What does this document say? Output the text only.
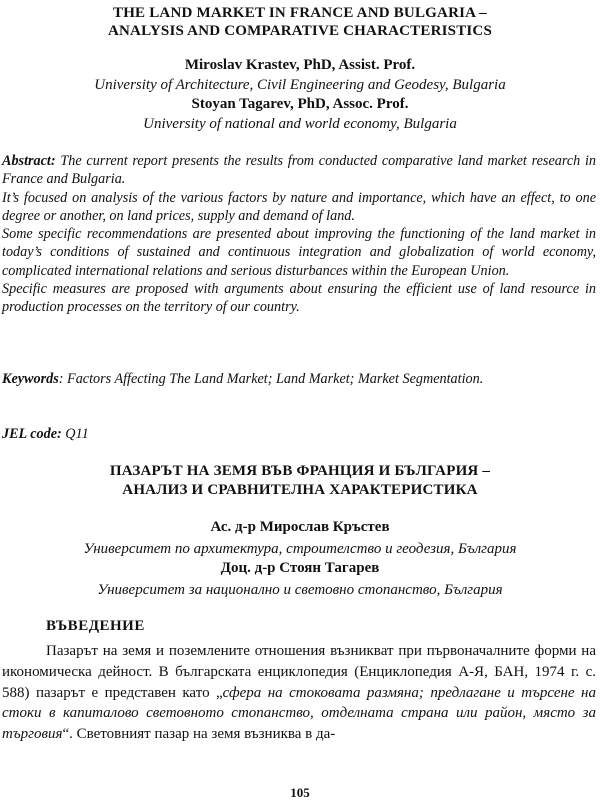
THE LAND MARKET IN FRANCE AND BULGARIA –
ANALYSIS AND COMPARATIVE CHARACTERISTICS
Miroslav Krastev, PhD, Assist. Prof.
University of Architecture, Civil Engineering and Geodesy, Bulgaria
Stoyan Tagarev, PhD, Assoc. Prof.
University of national and world economy, Bulgaria

Abstract: The current report presents the results from conducted comparative land market research in France and Bulgaria.

It’s focused on analysis of the various factors by nature and importance, which have an effect, to one degree or another, on land prices, supply and demand of land.

Some specific recommendations are presented about improving the functioning of the land market in today’s conditions of sustained and continuous integration and globalization of world economy, complicated international relations and serious disturbances within the European Union.

Specific measures are proposed with arguments about ensuring the efficient use of land resource in production processes on the territory of our country.

Keywords: Factors Affecting The Land Market; Land Market; Market Segmentation.

JEL code: Q11

ПАЗАРЪТ НА ЗЕМЯ ВЪВ ФРАНЦИЯ И БЪЛГАРИЯ –
АНАЛИЗ И СРАВНИТЕЛНА ХАРАКТЕРИСТИКА
Ас. д-р Мирослав Кръстев
Университет по архитектура, строителство и геодезия, България
Доц. д-р Стоян Тагарев
Университет за национално и световно стопанство, България
ВЪВЕДЕНИЕ

Пазарът на земя и поземлените отношения възникват при първоначалните форми на икономическа дейност. В българската енциклопедия (Енциклопедия А-Я, БАН, 1974 г. с. 588) пазарът е представен като „сфера на стоковата размяна; предлагане и търсене на стоки в капиталово световното стопанство, отделната страна или район, място за търговия“. Световният пазар на земя възниква в да-

105
